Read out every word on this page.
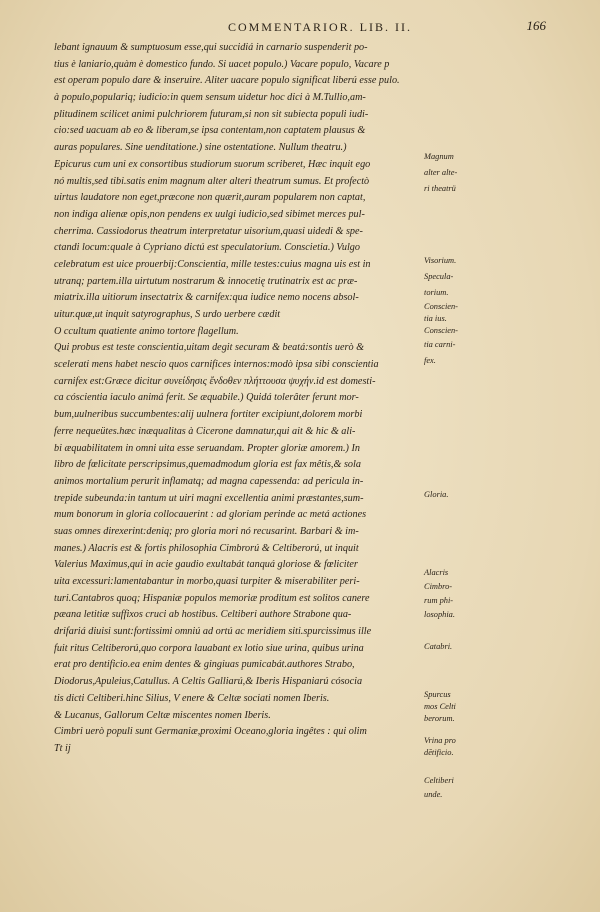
COMMENTARIOR. LIB. II.	166
lebant ignauum & sumptuosum esse,qui succidiá in carnario suspenderit po-
tius è laniario,quàm è domestico fundo. Si uacet populo.) Vacare populo, Vacare p
est operam populo dare & inseruire. Aliter uacare populo significat liberú esse pulo.
à populo,populariq; iudicio:in quem sensum uidetur hoc dici à M.Tullio,am-
plitudinem scilicet animi pulchriorem futuram,si non sit subiecta populi iudi-
cio:sed uacuam ab eo & liberam,se ipsa contentam,non captatem plausus &
auras populares. Sine uenditatione.) sine ostentatione. Nullum theatru.)
Epicurus cum uni ex consortibus studiorum suorum scriberet, Hæc inquit ego
nó multis,sed tibi.satis enim magnum alter alteri theatrum sumus. Et profectò
uirtus laudatore non eget,præcone non quærit,auram popularem non captat,
non indiga alienæ opis,non pendens ex uulgi iudicio,sed sibimet merces pul-
cherrima. Cassiodorus theatrum interpretatur uisorium,quasi uidedi & spe-
ctandi locum:quale à Cypriano dictú est speculatorium. Conscietia.) Vulgo
celebratum est uice prouerbij:Conscientia, mille testes:cuius magna uis est in
utranq; partem.illa uirtutum nostrarum & innocetię trutinatrix est ac præ-
miatrix.illa uitiorum insectatrix & carnifex:qua iudice nemo nocens absol-
uitur.quæ,ut inquit satyrographus, S urdo uerbere cædit
O ccultum quatiente animo tortore flagellum.
Qui probus est teste conscientia,uitam degit securam & beatá:sontis uerò &
scelerati mens habet nescio quos carnifices internos:modò ipsa sibi conscientia
carnifex est:Græce dicitur συνείδησις ἔνδοθεν πλήττουσα ψυχήν.id est domesti-
ca cóscientia iaculo animá ferit. Se æquabile.) Quidá tolerâter ferunt mor-
bum,uulneribus succumbentes:alij uulnera fortiter excipiunt,dolorem morbi
ferre nequeütes.hæc inæqualitas à Cicerone damnatur,qui ait & hic & ali-
bi æquabilitatem in omni uita esse seruandam. Propter gloriæ amorem.) In
libro de fœlicitate perscripsimus,quemadmodum gloria est fax mêtis,& sola
animos mortalium perurit inflamatq; ad magna capessenda: ad pericula in-
trepide subeunda:in tantum ut uiri magni excellentia animi præstantes,sum-
mum bonorum in gloria collocauerint : ad gloriam perinde ac metá actiones
suas omnes direxerint:deniq; pro gloria mori nó recusarint. Barbari & im-
manes.) Alacris est & fortis philosophia Cimbrorú & Celtiberorú, ut inquit
Valerius Maximus,qui in acie gaudio exultabát tanquá gloriose & fœliciter
uita excessuri:lamentabantur in morbo,quasi turpiter & miserabiliter peri-
turi.Cantabros quoq; Hispaniæ populos memoriæ proditum est solitos canere
pæana letitiæ suffixos cruci ab hostibus. Celtiberi authore Strabone qua-
drifariá diuisi sunt:fortissimi omniú ad ortú ac meridiem siti.spurcissimus ille
fuit ritus Celtiberorú,quo corpora lauabant ex lotio siue urina, quibus urina
erat pro dentificio.ea enim dentes & gingiuas pumicabát.authores Strabo,
Diodorus,Apuleius,Catullus. A Celtis Galliarú,& Iberis Hispaniarú cósocia
tis dicti Celtiberi.hinc Silius, V enere & Celtæ sociati nomen Iberis.
& Lucanus, Gallorum Celtæ miscentes nomen Iberis.
Cimbri uerò populi sunt Germaniæ,proximi Oceano,gloria ingêtes : qui olim
Tt ij
Magnum
alter alte-
ri theatrü
Visorium.
Specula-
torium.
Conscien-
tia ius.
Conscien-
tia carni-
fex.
Gloria.
Alacris
Cimbro-
rum phi-
losophia.
Catabri.
Spurcus
mos Celti
berorum.
Vrina pro
dētificio.
Celtiberi
unde.
